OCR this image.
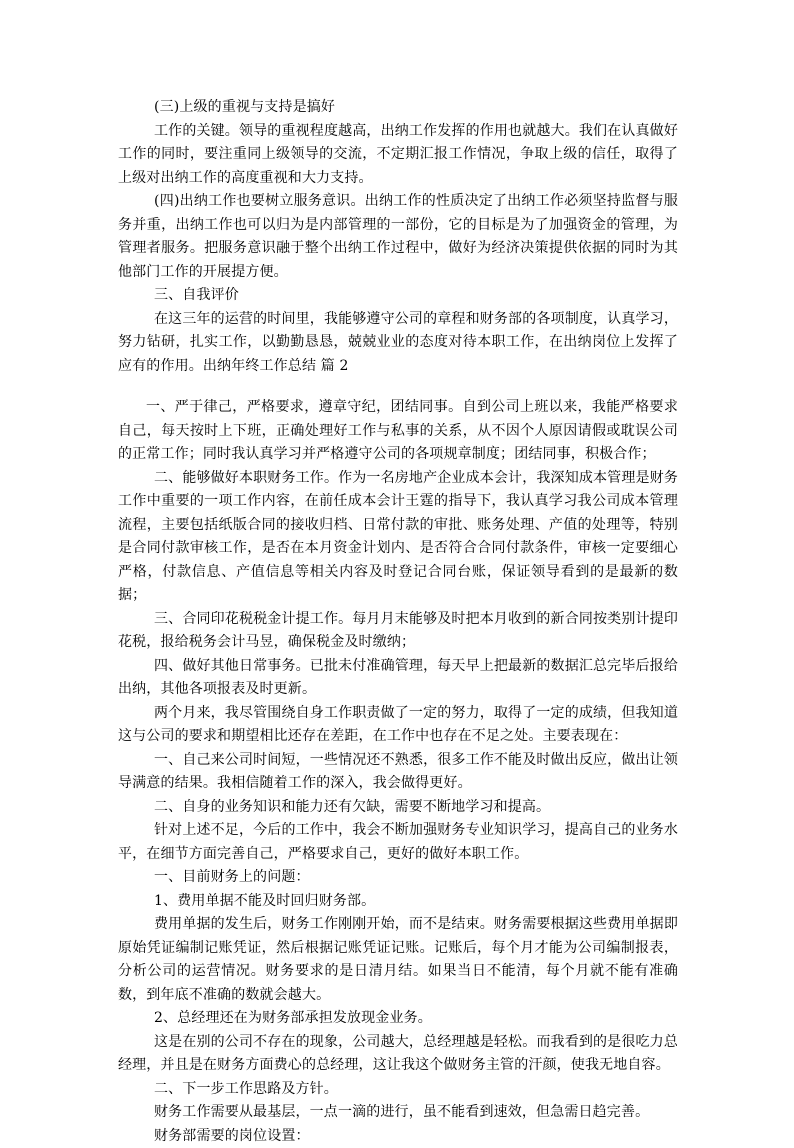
(三)上级的重视与支持是搞好

工作的关键。领导的重视程度越高，出纳工作发挥的作用也就越大。我们在认真做好工作的同时，要注重同上级领导的交流，不定期汇报工作情况，争取上级的信任，取得了上级对出纳工作的高度重视和大力支持。

(四)出纳工作也要树立服务意识。出纳工作的性质决定了出纳工作必须坚持监督与服务并重，出纳工作也可以归为是内部管理的一部份，它的目标是为了加强资金的管理，为管理者服务。把服务意识融于整个出纳工作过程中，做好为经济决策提供依据的同时为其他部门工作的开展提方便。

三、自我评价

在这三年的运营的时间里，我能够遵守公司的章程和财务部的各项制度，认真学习，努力钻研，扎实工作，以勤勤恳恳，兢兢业业的态度对待本职工作，在出纳岗位上发挥了应有的作用。出纳年终工作总结 篇 2

一、严于律己，严格要求，遵章守纪，团结同事。自到公司上班以来，我能严格要求自己，每天按时上下班，正确处理好工作与私事的关系，从不因个人原因请假或耽误公司的正常工作；同时我认真学习并严格遵守公司的各项规章制度；团结同事，积极合作；

二、能够做好本职财务工作。作为一名房地产企业成本会计，我深知成本管理是财务工作中重要的一项工作内容，在前任成本会计王霆的指导下，我认真学习我公司成本管理流程，主要包括纸版合同的接收归档、日常付款的审批、账务处理、产值的处理等，特别是合同付款审核工作，是否在本月资金计划内、是否符合合同付款条件，审核一定要细心严格，付款信息、产值信息等相关内容及时登记合同台账，保证领导看到的是最新的数据；

三、合同印花税税金计提工作。每月月末能够及时把本月收到的新合同按类别计提印花税，报给税务会计马昱，确保税金及时缴纳；

四、做好其他日常事务。已批未付准确管理，每天早上把最新的数据汇总完毕后报给出纳，其他各项报表及时更新。

两个月来，我尽管围绕自身工作职责做了一定的努力，取得了一定的成绩，但我知道这与公司的要求和期望相比还存在差距，在工作中也存在不足之处。主要表现在：

一、自己来公司时间短，一些情况还不熟悉，很多工作不能及时做出反应，做出让领导满意的结果。我相信随着工作的深入，我会做得更好。

二、自身的业务知识和能力还有欠缺，需要不断地学习和提高。

针对上述不足，今后的工作中，我会不断加强财务专业知识学习，提高自己的业务水平，在细节方面完善自己，严格要求自己，更好的做好本职工作。

一、目前财务上的问题：

1、费用单据不能及时回归财务部。

费用单据的发生后，财务工作刚刚开始，而不是结束。财务需要根据这些费用单据即原始凭证编制记账凭证，然后根据记账凭证记账。记账后，每个月才能为公司编制报表，分析公司的运营情况。财务要求的是日清月结。如果当日不能清，每个月就不能有准确数，到年底不准确的数就会越大。

2、总经理还在为财务部承担发放现金业务。

这是在别的公司不存在的现象，公司越大，总经理越是轻松。而我看到的是很吃力总经理，并且是在财务方面费心的总经理，这让我这个做财务主管的汗颜，使我无地自容。

二、下一步工作思路及方针。

财务工作需要从最基层，一点一滴的进行，虽不能看到速效，但急需日趋完善。

财务部需要的岗位设置：
